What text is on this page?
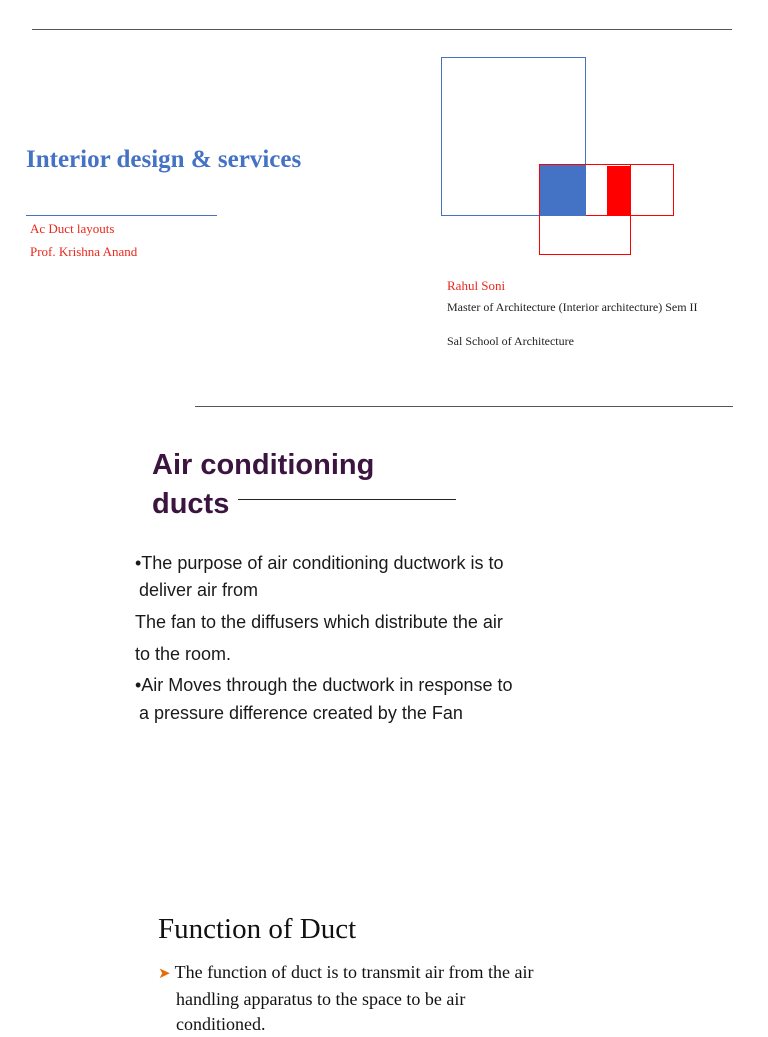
Interior design & services
Ac Duct layouts
Prof. Krishna Anand
Rahul Soni
Master of Architecture (Interior architecture) Sem II
Sal School of Architecture
Air conditioning
ducts
•The purpose of air conditioning ductwork is to
deliver air from
The fan to the diffusers which distribute the air
to the room.
•Air Moves through the ductwork in response to
a pressure difference created by the Fan
Function of Duct
➤ The function of duct is to transmit air from the air
handling apparatus to the space to be air
conditioned.
